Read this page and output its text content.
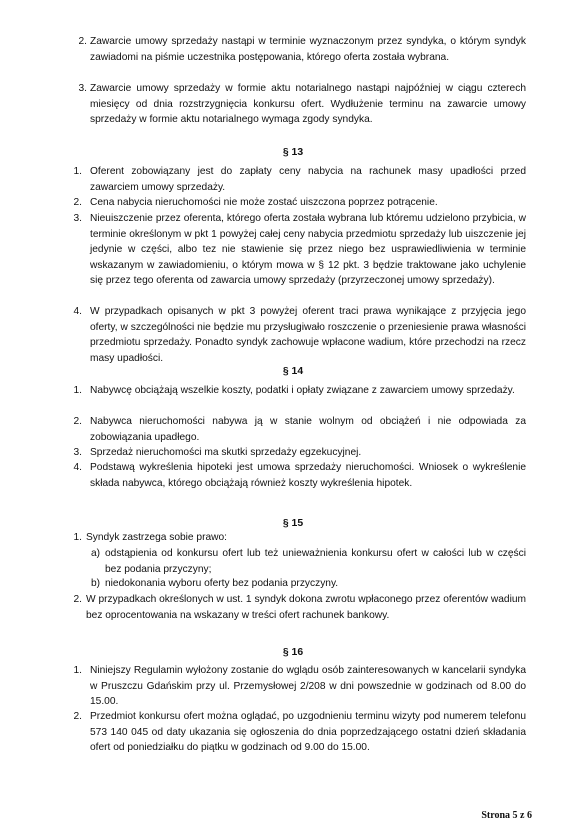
2. Zawarcie umowy sprzedaży nastąpi w terminie wyznaczonym przez syndyka, o którym syndyk zawiadomi na piśmie uczestnika postępowania, którego oferta została wybrana.
3. Zawarcie umowy sprzedaży w formie aktu notarialnego nastąpi najpóźniej w ciągu czterech miesięcy od dnia rozstrzygnięcia konkursu ofert. Wydłużenie terminu na zawarcie umowy sprzedaży w formie aktu notarialnego wymaga zgody syndyka.
§ 13
1. Oferent zobowiązany jest do zapłaty ceny nabycia na rachunek masy upadłości przed zawarciem umowy sprzedaży.
2. Cena nabycia nieruchomości nie może zostać uiszczona poprzez potrącenie.
3. Nieuiszczenie przez oferenta, którego oferta została wybrana lub któremu udzielono przybicia, w terminie określonym w pkt 1 powyżej całej ceny nabycia przedmiotu sprzedaży lub uiszczenie jej jedynie w części, albo tez nie stawienie się przez niego bez usprawiedliwienia w terminie wskazanym w zawiadomieniu, o którym mowa w § 12 pkt. 3 będzie traktowane jako uchylenie się przez tego oferenta od zawarcia umowy sprzedaży (przyrzeczonej umowy sprzedaży).
4. W przypadkach opisanych w pkt 3 powyżej oferent traci prawa wynikające z przyjęcia jego oferty, w szczególności nie będzie mu przysługiwało roszczenie o przeniesienie prawa własności przedmiotu sprzedaży. Ponadto syndyk zachowuje wpłacone wadium, które przechodzi na rzecz masy upadłości.
§ 14
1. Nabywcę obciążają wszelkie koszty, podatki i opłaty związane z zawarciem umowy sprzedaży.
2. Nabywca nieruchomości nabywa ją w stanie wolnym od obciążeń i nie odpowiada za zobowiązania upadłego.
3. Sprzedaż nieruchomości ma skutki sprzedaży egzekucyjnej.
4. Podstawą wykreślenia hipoteki jest umowa sprzedaży nieruchomości. Wniosek o wykreślenie składa nabywca, którego obciążają również koszty wykreślenia hipotek.
§ 15
1. Syndyk zastrzega sobie prawo:
a) odstąpienia od konkursu ofert lub też unieważnienia konkursu ofert w całości lub w części bez podania przyczyny;
b) niedokonania wyboru oferty bez podania przyczyny.
2. W przypadkach określonych w ust. 1 syndyk dokona zwrotu wpłaconego przez oferentów wadium bez oprocentowania na wskazany w treści ofert rachunek bankowy.
§ 16
1. Niniejszy Regulamin wyłożony zostanie do wglądu osób zainteresowanych w kancelarii syndyka w Pruszczu Gdańskim przy ul. Przemysłowej 2/208 w dni powszednie w godzinach od 8.00 do 15.00.
2. Przedmiot konkursu ofert można oglądać, po uzgodnieniu terminu wizyty pod numerem telefonu 573 140 045 od daty ukazania się ogłoszenia do dnia poprzedzającego ostatni dzień składania ofert od poniedziałku do piątku w godzinach od 9.00 do 15.00.
Strona 5 z 6
